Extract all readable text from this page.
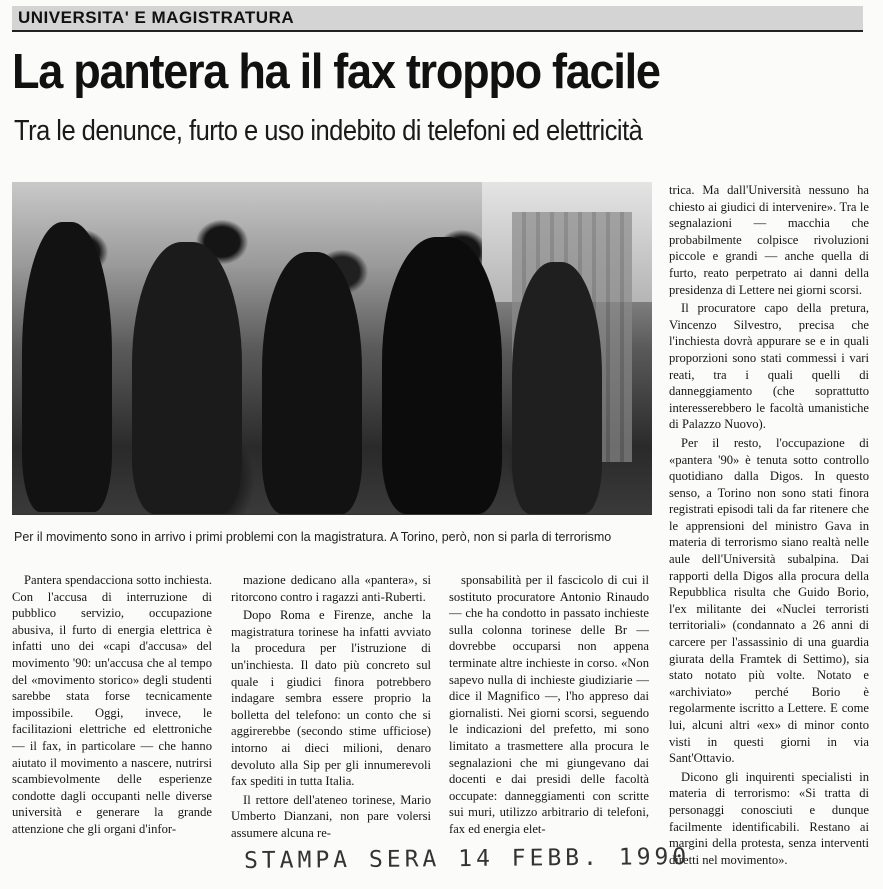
UNIVERSITA' E MAGISTRATURA
La pantera ha il fax troppo facile
Tra le denunce, furto e uso indebito di telefoni ed elettricità
Per il movimento sono in arrivo i primi problemi con la magistratura. A Torino, però, non si parla di terrorismo

Pantera spendacciona sotto inchiesta. Con l'accusa di interruzione di pubblico servizio, occupazione abusiva, il furto di energia elettrica è infatti uno dei «capi d'accusa» del movimento '90: un'accusa che al tempo del «movimento storico» degli studenti sarebbe stata forse tecnicamente impossibile. Oggi, invece, le facilitazioni elettriche ed elettroniche — il fax, in particolare — che hanno aiutato il movimento a nascere, nutrirsi scambievolmente delle esperienze condotte dagli occupanti nelle diverse università e generare la grande attenzione che gli organi d'infor-

mazione dedicano alla «pantera», si ritorcono contro i ragazzi anti-Ruberti.

Dopo Roma e Firenze, anche la magistratura torinese ha infatti avviato la procedura per l'istruzione di un'inchiesta. Il dato più concreto sul quale i giudici finora potrebbero indagare sembra essere proprio la bolletta del telefono: un conto che si aggirerebbe (secondo stime ufficiose) intorno ai dieci milioni, denaro devoluto alla Sip per gli innumerevoli fax spediti in tutta Italia.

Il rettore dell'ateneo torinese, Mario Umberto Dianzani, non pare volersi assumere alcuna re-

sponsabilità per il fascicolo di cui il sostituto procuratore Antonio Rinaudo — che ha condotto in passato inchieste sulla colonna torinese delle Br — dovrebbe occuparsi non appena terminate altre inchieste in corso. «Non sapevo nulla di inchieste giudiziarie — dice il Magnifico —, l'ho appreso dai giornalisti. Nei giorni scorsi, seguendo le indicazioni del prefetto, mi sono limitato a trasmettere alla procura le segnalazioni che mi giungevano dai docenti e dai presidi delle facoltà occupate: danneggiamenti con scritte sui muri, utilizzo arbitrario di telefoni, fax ed energia elet-

trica. Ma dall'Università nessuno ha chiesto ai giudici di intervenire». Tra le segnalazioni — macchia che probabilmente colpisce rivoluzioni piccole e grandi — anche quella di furto, reato perpetrato ai danni della presidenza di Lettere nei giorni scorsi.

Il procuratore capo della pretura, Vincenzo Silvestro, precisa che l'inchiesta dovrà appurare se e in quali proporzioni sono stati commessi i vari reati, tra i quali quelli di danneggiamento (che soprattutto interesserebbero le facoltà umanistiche di Palazzo Nuovo).

Per il resto, l'occupazione di «pantera '90» è tenuta sotto controllo quotidiano dalla Digos. In questo senso, a Torino non sono stati finora registrati episodi tali da far ritenere che le apprensioni del ministro Gava in materia di terrorismo siano realtà nelle aule dell'Università subalpina. Dai rapporti della Digos alla procura della Repubblica risulta che Guido Borio, l'ex militante dei «Nuclei terroristi territoriali» (condannato a 26 anni di carcere per l'assassinio di una guardia giurata della Framtek di Settimo), sia stato notato più volte. Notato e «archiviato» perché Borio è regolarmente iscritto a Lettere. E come lui, alcuni altri «ex» di minor conto visti in questi giorni in via Sant'Ottavio.

Dicono gli inquirenti specialisti in materia di terrorismo: «Si tratta di personaggi conosciuti e dunque facilmente identificabili. Restano ai margini della protesta, senza interventi diretti nel movimento».

STAMPA SERA 14 FEBB. 1990
